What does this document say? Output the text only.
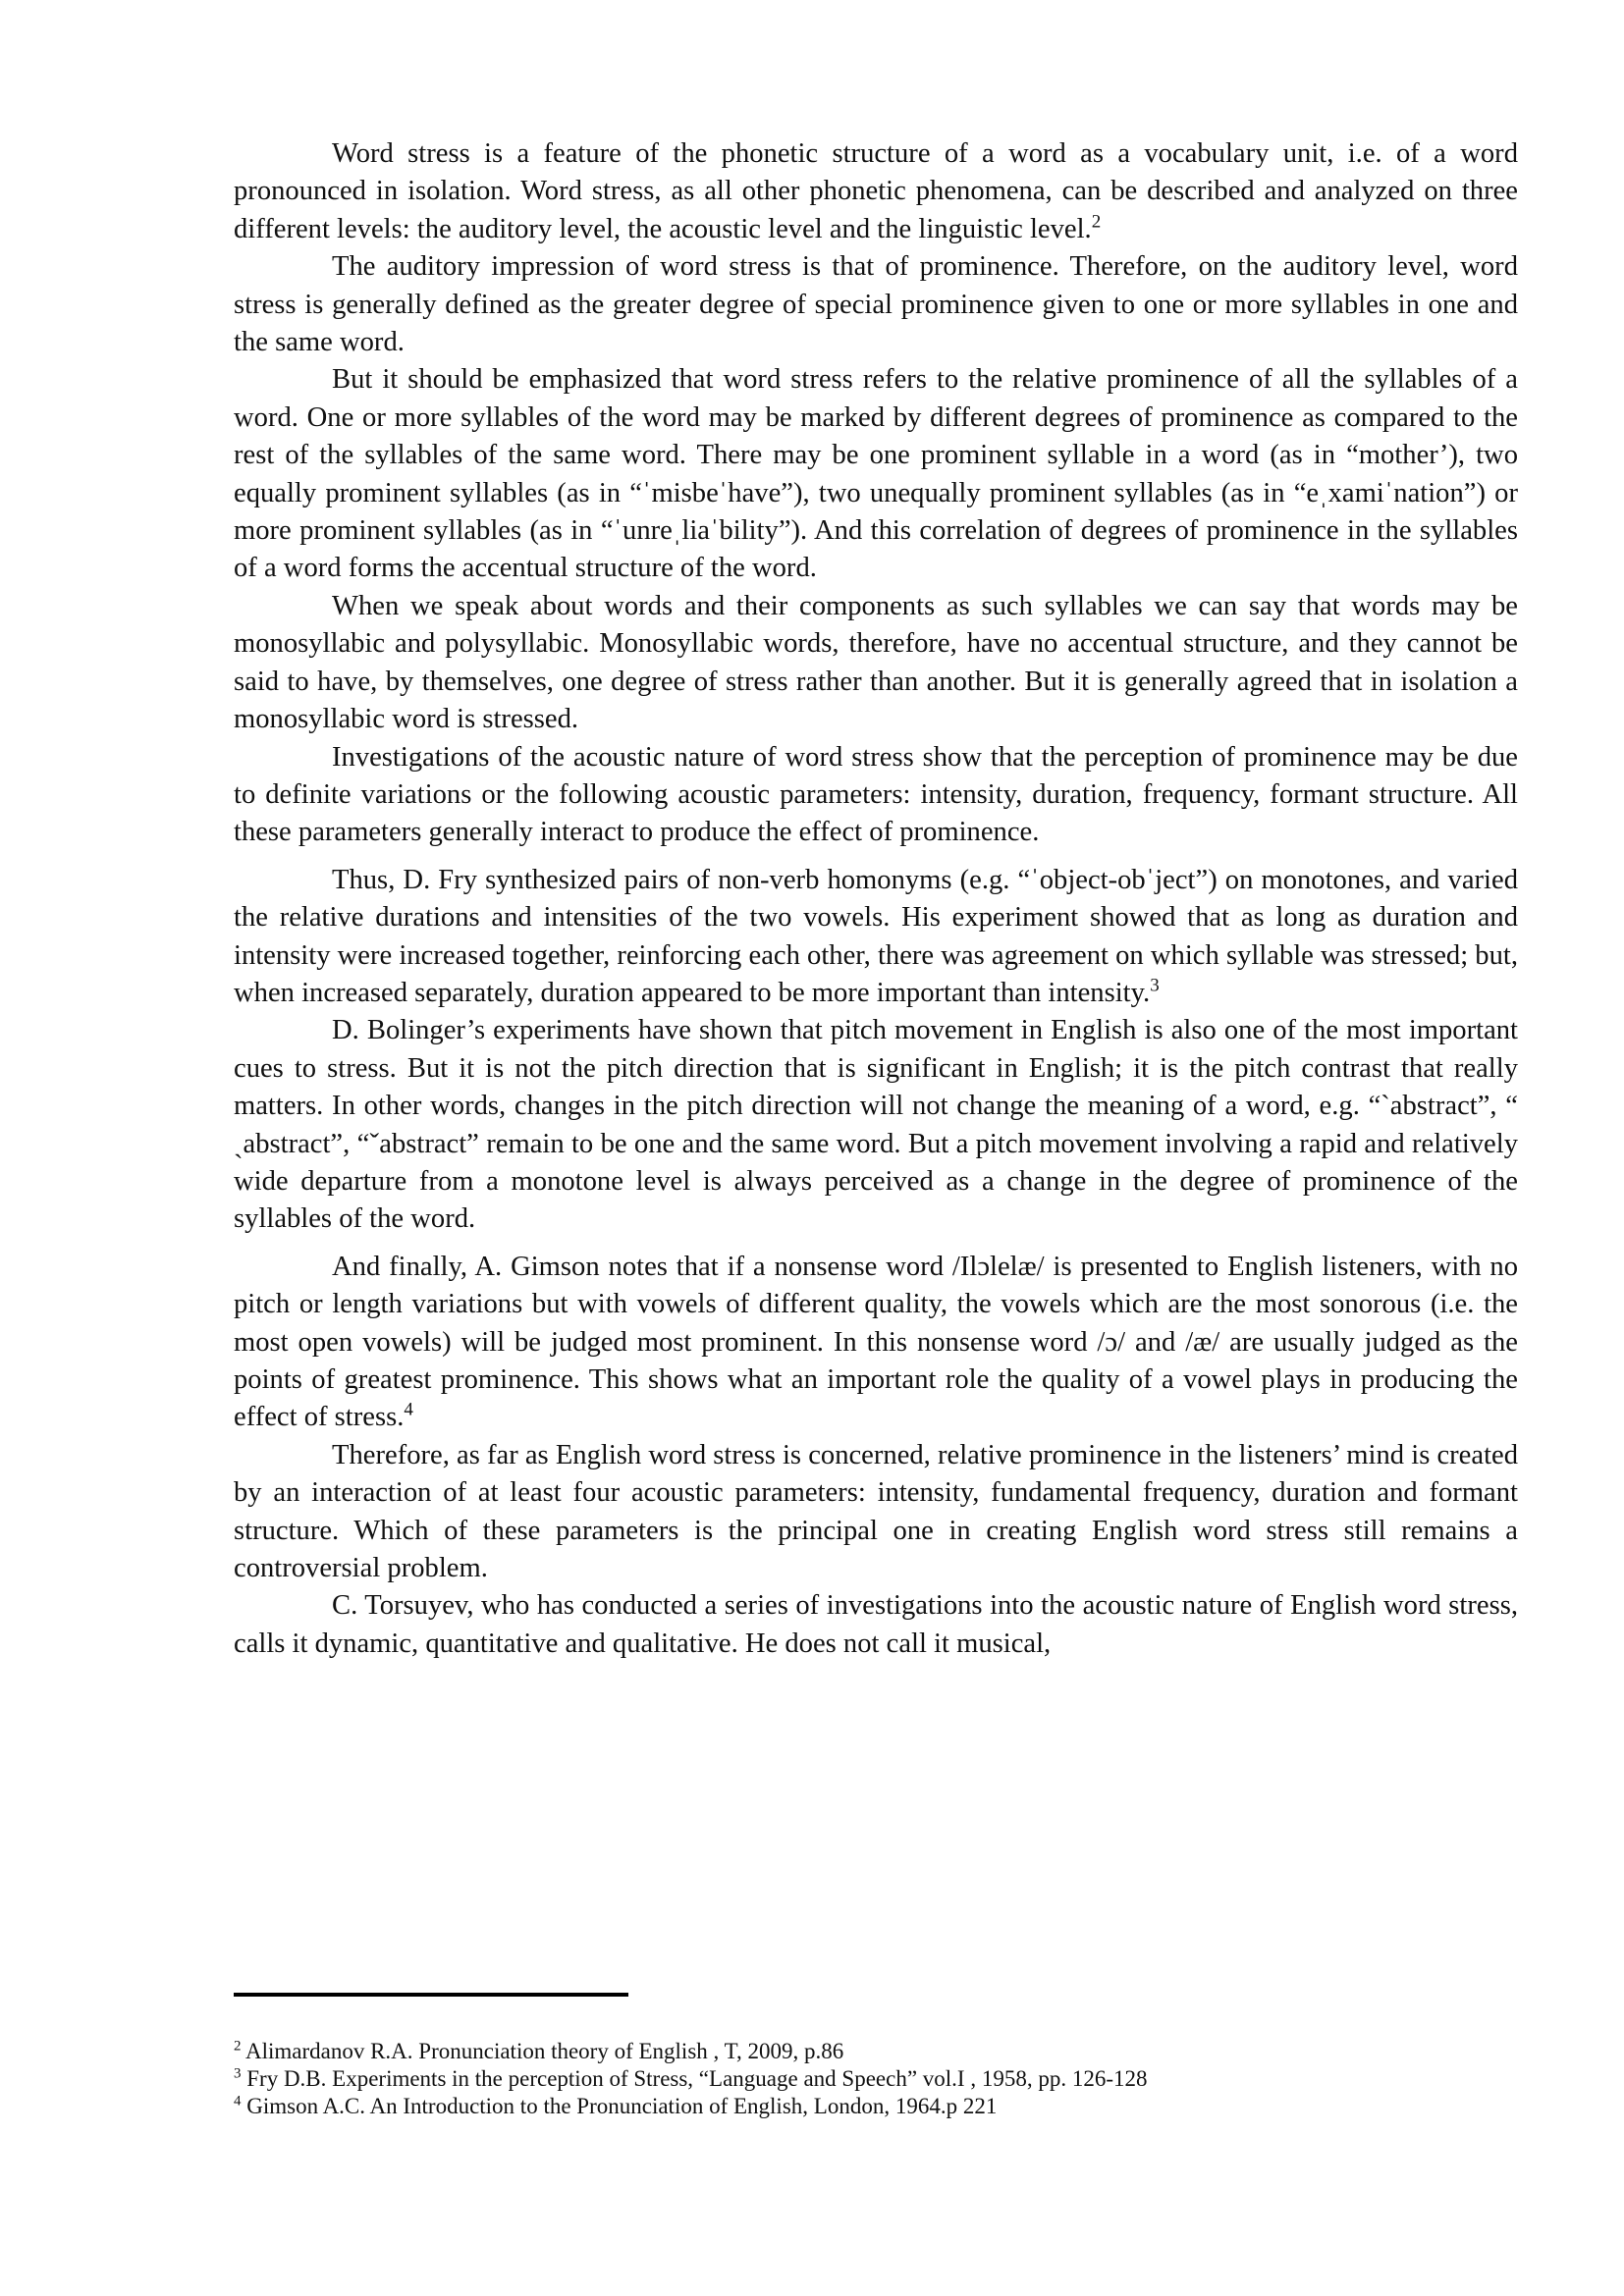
Word stress is a feature of the phonetic structure of a word as a vocabulary unit, i.e. of a word pronounced in isolation. Word stress, as all other phonetic phenomena, can be described and analyzed on three different levels: the auditory level, the acoustic level and the linguistic level.$^2$

The auditory impression of word stress is that of prominence. Therefore, on the auditory level, word stress is generally defined as the greater degree of special prominence given to one or more syllables in one and the same word.

But it should be emphasized that word stress refers to the relative prominence of all the syllables of a word. One or more syllables of the word may be marked by different degrees of prominence as compared to the rest of the syllables of the same word. There may be one prominent syllable in a word (as in “mother’), two equally prominent syllables (as in “ˈmisbeˈhave”), two unequally prominent syllables (as in “eˌxamiˈnation”) or more prominent syllables (as in “ˈunreˌliaˈbility”). And this correlation of degrees of prominence in the syllables of a word forms the accentual structure of the word.

When we speak about words and their components as such syllables we can say that words may be monosyllabic and polysyllabic. Monosyllabic words, therefore, have no accentual structure, and they cannot be said to have, by themselves, one degree of stress rather than another. But it is generally agreed that in isolation a monosyllabic word is stressed.

Investigations of the acoustic nature of word stress show that the perception of prominence may be due to definite variations or the following acoustic parameters: intensity, duration, frequency, formant structure. All these parameters generally interact to produce the effect of prominence.

Thus, D. Fry synthesized pairs of non-verb homonyms (e.g. “ˈobject-obˈject”) on monotones, and varied the relative durations and intensities of the two vowels. His experiment showed that as long as duration and intensity were increased together, reinforcing each other, there was agreement on which syllable was stressed; but, when increased separately, duration appeared to be more important than intensity.$^3$

D. Bolinger’s experiments have shown that pitch movement in English is also one of the most important cues to stress. But it is not the pitch direction that is significant in English; it is the pitch contrast that really matters. In other words, changes in the pitch direction will not change the meaning of a word, e.g. “`abstract”, “ ˏabstract”, “ˇabstract” remain to be one and the same word. But a pitch movement involving a rapid and relatively wide departure from a monotone level is always perceived as a change in the degree of prominence of the syllables of the word.

And finally, A. Gimson notes that if a nonsense word /Ilɔlelæ/ is presented to English listeners, with no pitch or length variations but with vowels of different quality, the vowels which are the most sonorous (i.e. the most open vowels) will be judged most prominent. In this nonsense word /ɔ/ and /æ/ are usually judged as the points of greatest prominence. This shows what an important role the quality of a vowel plays in producing the effect of stress.$^4$

Therefore, as far as English word stress is concerned, relative prominence in the listeners’ mind is created by an interaction of at least four acoustic parameters: intensity, fundamental frequency, duration and formant structure. Which of these parameters is the principal one in creating English word stress still remains a controversial problem.

C. Torsuyev, who has conducted a series of investigations into the acoustic nature of English word stress, calls it dynamic, quantitative and qualitative. He does not call it musical,

$^2$ Alimardanov R.A. Pronunciation theory of English , T, 2009, p.86

$^3$ Fry D.B. Experiments in the perception of Stress, “Language and Speech” vol.I , 1958, pp. 126-128

$^4$ Gimson A.C. An Introduction to the Pronunciation of English, London, 1964.p 221
